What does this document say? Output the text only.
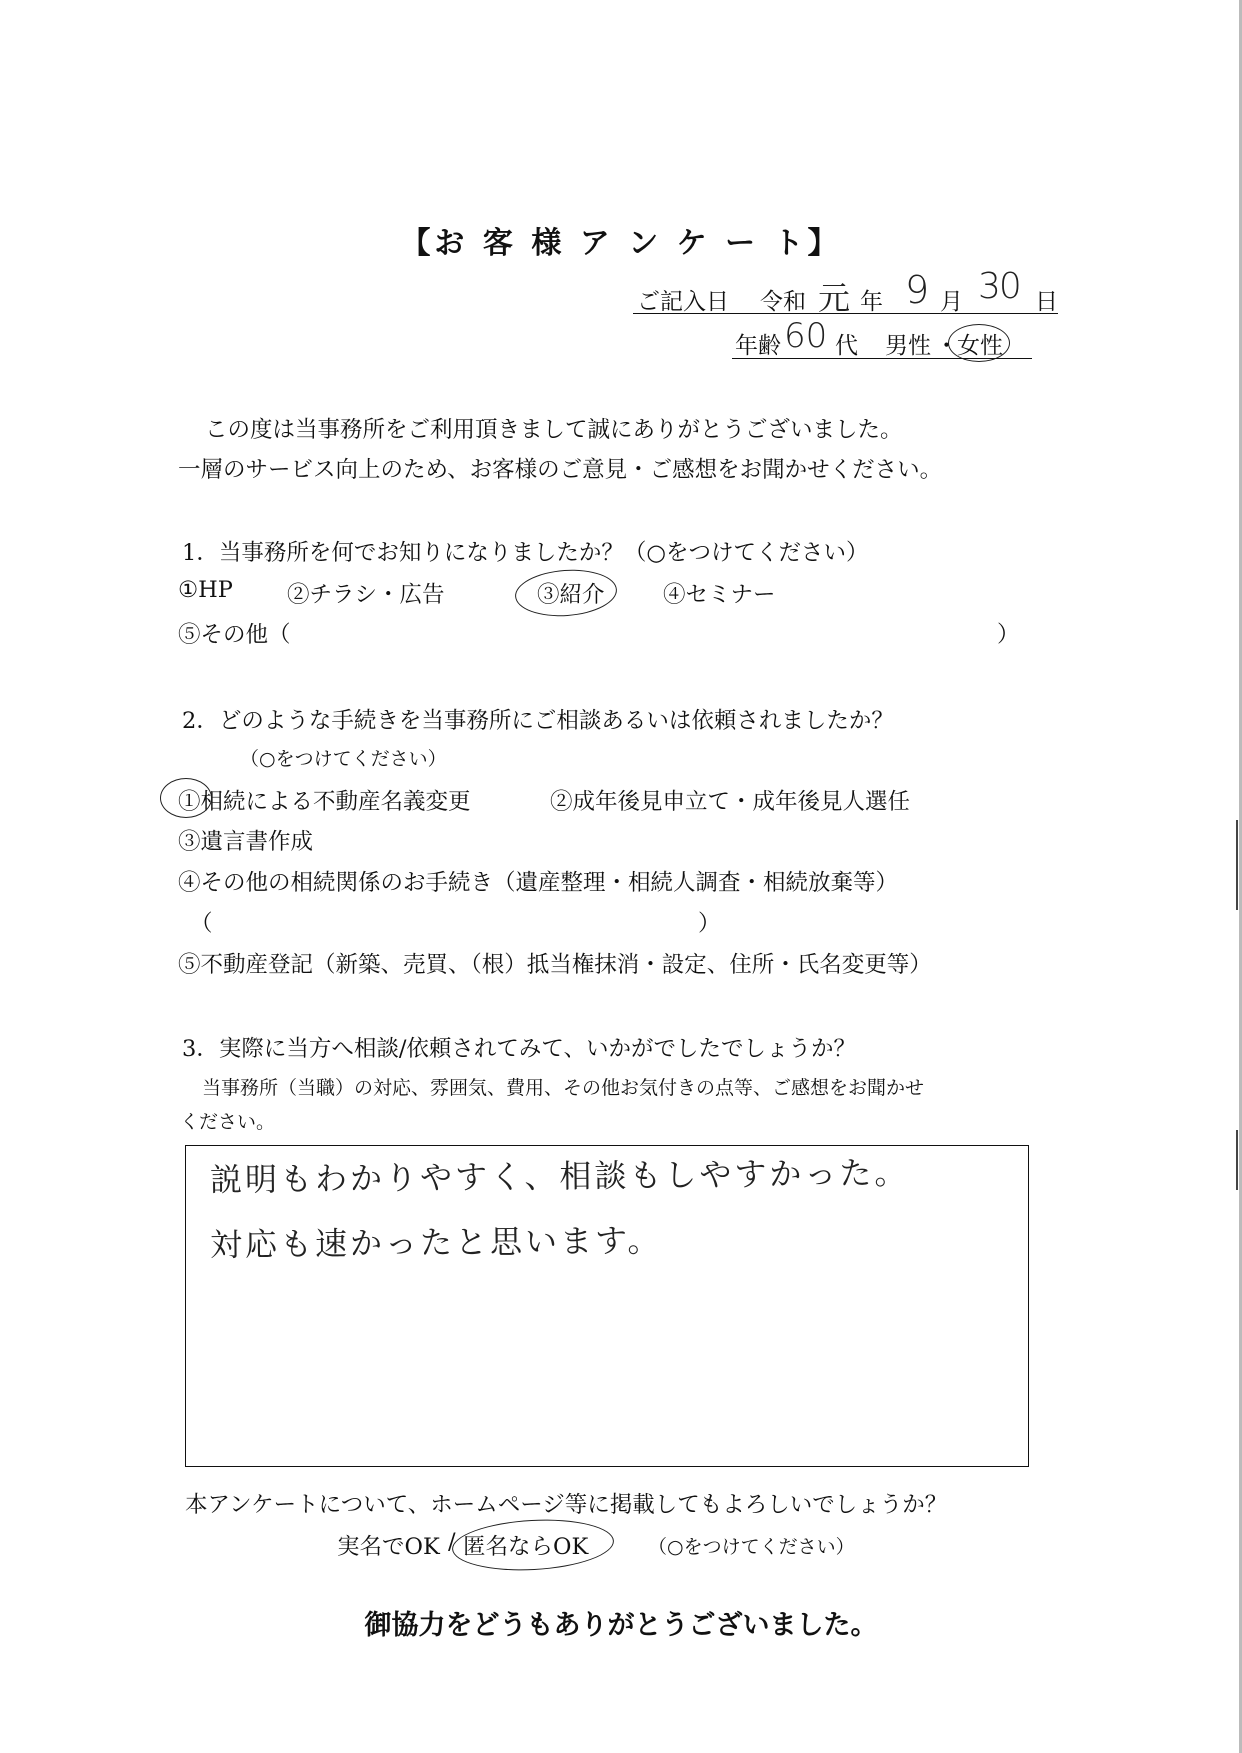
【お 客 様 ア ン ケ ー ト】
ご記入日 令和 元 年 9 月 30 日
年齢 60 代 男性 ・ 女性
この度は当事務所をご利用頂きまして誠にありがとうございました。
一層のサービス向上のため、お客様のご意見・ご感想をお聞かせください。
1．当事務所を何でお知りになりましたか？（○をつけてください）
①HP ②チラシ・広告	③紹介	④セミナー
⑤その他（	）
2．どのような手続きを当事務所にご相談あるいは依頼されましたか？
（○をつけてください）
①相続による不動産名義変更	②成年後見申立て・成年後見人選任
③遺言書作成
④その他の相続関係のお手続き（遺産整理・相続人調査・相続放棄等）
（	）
⑤不動産登記（新築、売買、（根）抵当権抹消・設定、住所・氏名変更等）
3．実際に当方へ相談/依頼されてみて、いかがでしたでしょうか？
当事務所（当職）の対応、雰囲気、費用、その他お気付きの点等、ご感想をお聞かせ
ください。
説明もわかりやすく、相談もしやすかった。
対応も速かったと思います。
本アンケートについて、ホームページ等に掲載してもよろしいでしょうか？
実名でOK / 匿名ならOK	（○をつけてください）
御協力をどうもありがとうございました。
